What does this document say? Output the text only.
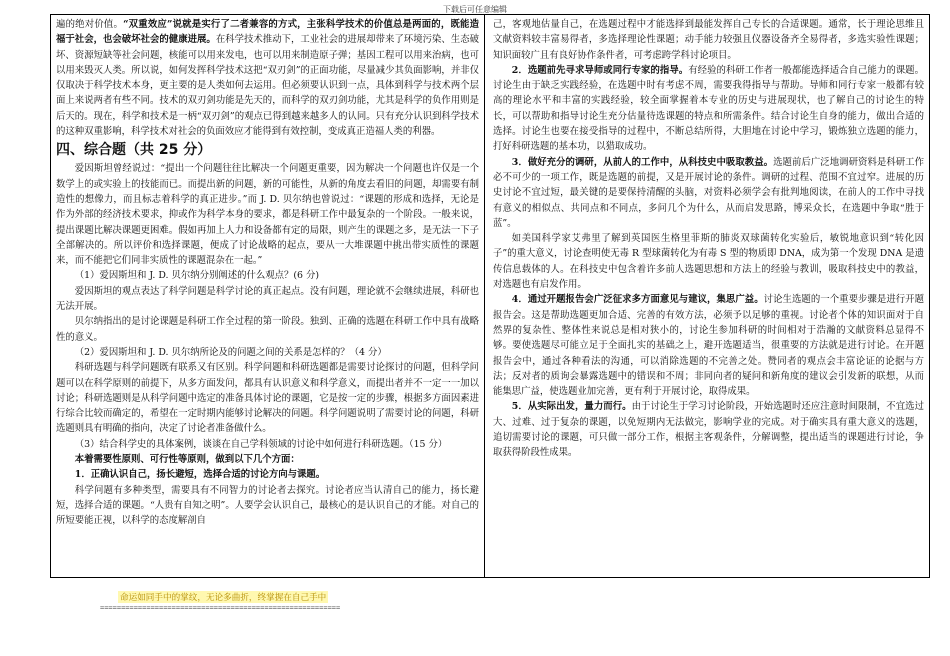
下载后可任意编辑

遍的绝对价值。“双重效应”说就是实行了二者兼容的方式，主张科学技术的价值总是两面的，既能造福于社会，也会破坏社会的健康进展。在科学技术推动下，工业社会的进展却带来了环境污染、生态破坏、资源短缺等社会问题，核能可以用来发电，也可以用来制造原子弹；基因工程可以用来治病，也可以用来毁灭人类。所以说，如何发挥科学技术这把“双刃剑”的正面功能，尽量减少其负面影响，并非仅仅取决于科学技术本身，更主要的是人类如何去运用。但必须要认识到一点，具体到科学与技术两个层面上来说两者有些不同。技术的双刃剑功能是先天的，而科学的双刃剑功能，尤其是科学的负作用则是后天的。现在，科学和技术是一柄“双刃剑”的观点已得到越来越多人的认同。只有充分认识到科学技术的这种双重影响，科学技术对社会的负面效应才能得到有效控制，变成真正造福人类的利器。

四、综合题（共 25 分）

爱因斯坦曾经说过：“提出一个问题往往比解决一个问题更重要，因为解决一个问题也许仅是一个数学上的或实验上的技能而已。而提出新的问题，新的可能性，从新的角度去看旧的问题，却需要有制造性的想像力，而且标志着科学的真正进步。”而 J. D. 贝尔纳也曾说过：“课题的形成和选择，无论是作为外部的经济技术要求，抑或作为科学本身的要求，都是科研工作中最复杂的一个阶段。一般来说，提出课题比解决课题更困难。假如再加上人力和设备都有定的局限，则产生的课题之多，是无法一下子全部解决的。所以评价和选择课题，便成了讨论战略的起点，要从一大堆课题中挑出带实质性的课题来，而不能把它们同非实质性的课题混杂在一起。”

（1）爱因斯坦和 J. D. 贝尔纳分别阐述的什么观点？(6 分)

爱因斯坦的观点表达了科学问题是科学讨论的真正起点。没有问题，理论就不会继续进展，科研也无法开展。

贝尔纳指出的是讨论课题是科研工作全过程的第一阶段。独到、正确的选题在科研工作中具有战略性的意义。

（2）爱因斯坦和 J. D. 贝尔纳所论及的问题之间的关系是怎样的？（4 分）

科研选题与科学问题既有联系又有区别。科学问题和科研选题都是需要讨论探讨的问题，但科学问题可以在科学原则的前提下，从多方面发问，都具有认识意义和科学意义，而提出者并不一定一一加以讨论；科研选题则是从科学问题中选定的准备具体讨论的课题，它是按一定的步骤，根据多方面因素进行综合比较而确定的，希望在一定时期内能够讨论解决的问题。科学问题说明了需要讨论的问题，科研选题则具有明确的指向，决定了讨论者准备做什么。

（3）结合科学史的具体案例，谈谈在自己学科领域的讨论中如何进行科研选题。（15 分）

本着需要性原则、可行性等原则，做到以下几个方面：

1．正确认识自己，扬长避短，选择合适的讨论方向与课题。

科学问题有多种类型，需要具有不同智力的讨论者去探究。讨论者应当认清自己的能力，扬长避短，选择合适的课题。“人贵有自知之明”。人要学会认识自己，最核心的是认识自己的才能。对自己的所短要能正视，以科学的态度解剖自

己，客观地估量自己，在选题过程中才能选择到最能发挥自己专长的合适课题。通常，长于理论思维且文献资料较丰富易得者，多选择理论性课题；动手能力较强且仪器设备齐全易得者，多选实验性课题；知识面较广且有良好协作条件者，可考虑跨学科讨论项目。

2．选题前先寻求导师或同行专家的指导。有经验的科研工作者一般都能选择适合自己能力的课题。讨论生由于缺乏实践经验，在选题中时有考虑不周，需要我得指导与帮助。导师和同行专家一般都有较高的理论水平和丰富的实践经验，较全面掌握着本专业的历史与进展现状，也了解自己的讨论生的特长，可以帮助和指导讨论生充分估量待选课题的特点和所需条件。结合讨论生自身的能力，做出合适的选择。讨论生也要在接受指导的过程中，不断总结所得，大胆地在讨论中学习，锻炼独立选题的能力，打好科研选题的基本功，以猎取成功。

3．做好充分的调研，从前人的工作中，从科技史中吸取教益。选题前后广泛地调研资料是科研工作必不可少的一项工作，既是选题的前提，又是开展讨论的条件。调研的过程、范围不宜过窄。进展的历史讨论不宜过短，最关键的是要保持清醒的头脑，对资料必须学会有批判地阅读，在前人的工作中寻找有意义的相似点、共同点和不同点，多问几个为什么，从而启发思路，博采众长，在选题中争取“胜于蓝”。

如美国科学家艾弗里了解到英国医生格里菲斯的肺炎双球菌转化实验后，敏锐地意识到“转化因子”的重大意义，讨论查明使无毒 R 型球菌转化为有毒 S 型的物质即 DNA，成为第一个发现 DNA 是遗传信息载体的人。在科技史中包含着许多前人选题思想和方法上的经验与教训，吸取科技史中的教益，对选题也有启发作用。

4．通过开题报告会广泛征求多方面意见与建议，集思广益。讨论生选题的一个重要步骤是进行开题报告会。这是帮助选题更加合适、完善的有效方法，必须予以足够的重视。讨论者个体的知识面对于自然界的复杂性、整体性来说总是相对狭小的，讨论生参加科研的时间相对于浩瀚的文献资料总显得不够。要使选题尽可能立足于全面扎实的基础之上，避开选题适当，很重要的方法就是进行讨论。在开题报告会中，通过各种看法的沟通，可以消除选题的不完善之处。赞同者的观点会丰富论证的论据与方法；反对者的质询会暴露选题中的错误和不周；非同向者的疑问和新角度的建议会引发新的联想，从而能集思广益，使选题业加完善，更有利于开展讨论，取得成果。

5．从实际出发，量力而行。由于讨论生于学习讨论阶段，开始选题时还应注意时间限制，不宜选过大、过难、过于复杂的课题，以免短期内无法做完，影响学业的完成。对于确实具有重大意义的选题，追切需要讨论的课题，可只做一部分工作，根据主客观条件，分解调整，提出适当的课题进行讨论，争取获得阶段性成果。

命运如同手中的掌纹，无论多曲折，终掌握在自己手中
=========================================================
